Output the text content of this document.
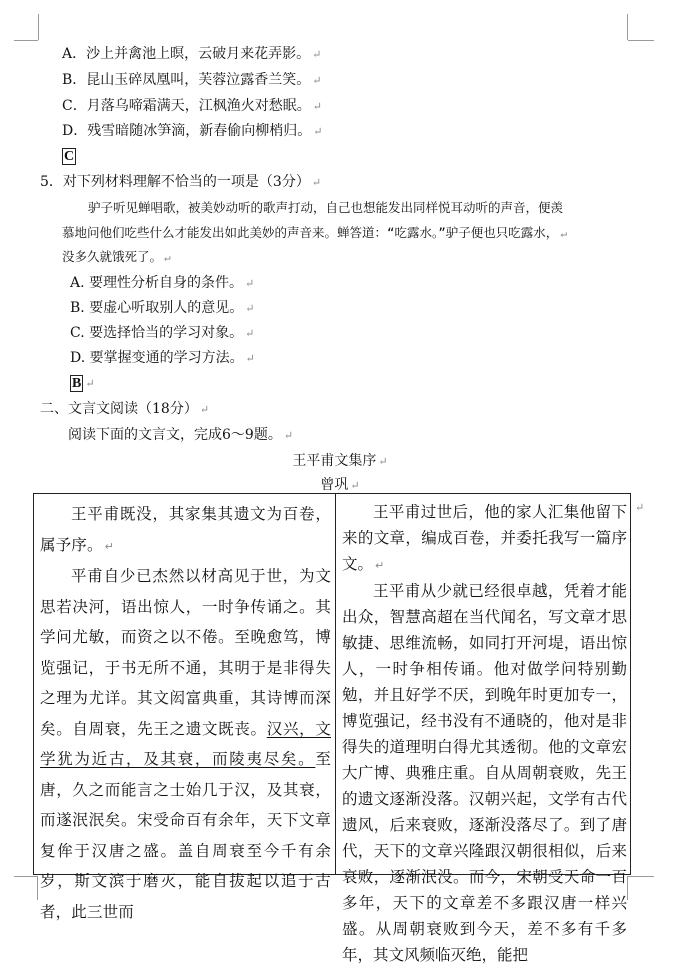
A．沙上并禽池上暝，云破月来花弄影。 ↵
B．昆山玉碎凤凰叫，芙蓉泣露香兰笑。 ↵
C．月落乌啼霜满天，江枫渔火对愁眠。 ↵
D．残雪暗随冰笋滴，新春偷向柳梢归。 ↵
C
5．对下列材料理解不恰当的一项是（3分） ↵
驴子听见蝉唱歌，被美妙动听的歌声打动，自己也想能发出同样悦耳动听的声音，便羡
慕地问他们吃些什么才能发出如此美妙的声音来。蝉答道：“吃露水。”驴子便也只吃露水， ↵
没多久就饿死了。 ↵
A. 要理性分析自身的条件。 ↵
B. 要虚心听取别人的意见。 ↵
C. 要选择恰当的学习对象。 ↵
D. 要掌握变通的学习方法。 ↵
B ↵
二、文言文阅读（18分） ↵
阅读下面的文言文，完成6～9题。 ↵
王平甫文集序 ↵
曾巩 ↵

王平甫既没，其家集其遗文为百卷，属予序。 ↵

平甫自少已杰然以材高见于世，为文思若决河，语出惊人，一时争传诵之。其学问尤敏，而资之以不倦。至晚愈笃，博览强记，于书无所不通，其明于是非得失之理为尤详。其文闳富典重，其诗博而深矣。自周衰，先王之遗文既丧。汉兴，文学犹为近古，及其衰，而陵夷尽矣。至唐，久之而能言之士始几于汉，及其衰，而遂泯泯矣。宋受命百有余年，天下文章复侔于汉唐之盛。盖自周衰至今千有余岁，斯文滨于磨灭，能自拔起以追于古者，此三世而

王平甫过世后，他的家人汇集他留下来的文章，编成百卷，并委托我写一篇序文。 ↵

王平甫从少就已经很卓越，凭着才能出众，智慧高超在当代闻名，写文章才思敏捷、思维流畅，如同打开河堤，语出惊人，一时争相传诵。他对做学问特别勤勉，并且好学不厌，到晚年时更加专一，博览强记，经书没有不通晓的，他对是非得失的道理明白得尤其透彻。他的文章宏大广博、典雅庄重。自从周朝衰败，先王的遗文逐渐没落。汉朝兴起，文学有古代遗风，后来衰败，逐渐没落尽了。到了唐代，天下的文章兴隆跟汉朝很相似，后来衰败，逐渐泯没。而今，宋朝受天命一百多年，天下的文章差不多跟汉唐一样兴盛。从周朝衰败到今天，差不多有千多年，其文风频临灭绝，能把

↵
